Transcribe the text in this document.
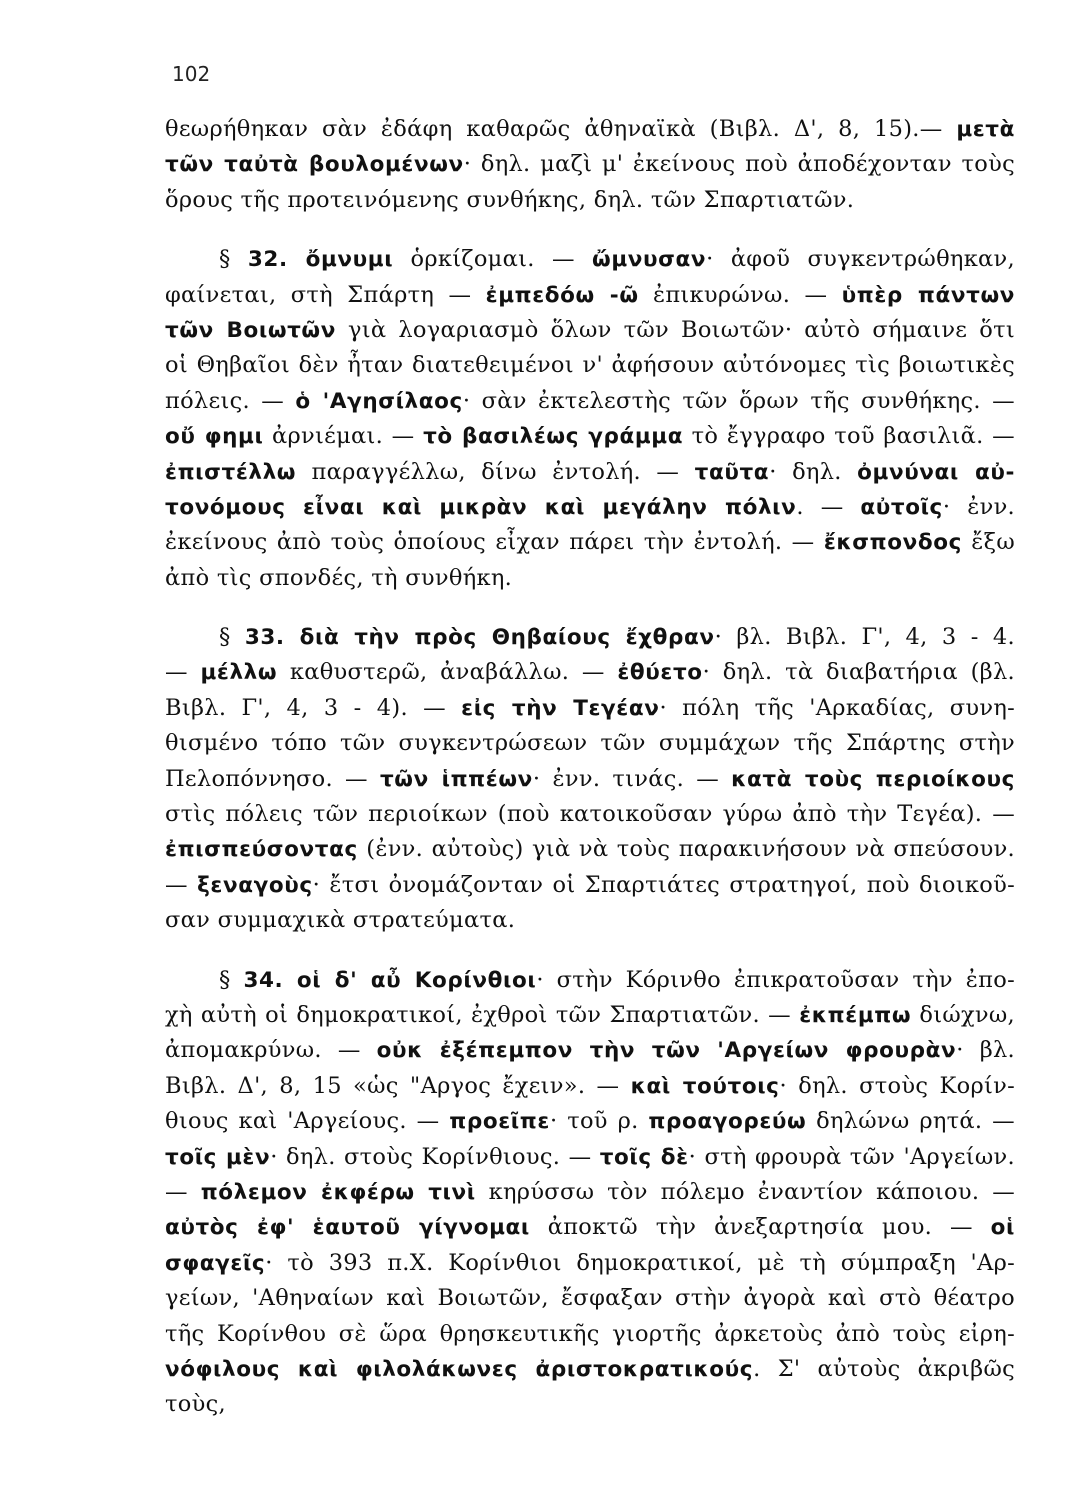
102
θεωρήθηκαν σὰν ἐδάφη καθαρῶς ἀθηναϊκὰ (Βιβλ. Δ', 8, 15).— μετὰ
τῶν ταὐτὰ βουλομένων· δηλ. μαζὶ μ' ἐκείνους ποὺ ἀποδέχονταν τοὺς
ὅρους τῆς προτεινόμενης συνθήκης, δηλ. τῶν Σπαρτιατῶν.
§ 32. ὄμνυμι ὁρκίζομαι. — ὤμνυσαν· ἀφοῦ συγκεντρώθηκαν,
φαίνεται, στὴ Σπάρτη — ἐμπεδόω -ῶ ἐπικυρώνω. — ὑπὲρ πάντων
τῶν Βοιωτῶν γιὰ λογαριασμὸ ὅλων τῶν Βοιωτῶν· αὐτὸ σήμαινε ὅτι
οἱ Θηβαῖοι δὲν ἦταν διατεθειμένοι ν' ἀφήσουν αὐτόνομες τὶς βοιωτικὲς
πόλεις. — ὁ 'Αγησίλαος· σὰν ἐκτελεστὴς τῶν ὅρων τῆς συνθήκης. —
οὔ φημι ἀρνιέμαι. — τὸ βασιλέως γράμμα τὸ ἔγγραφο τοῦ βασιλιᾶ. —
ἐπιστέλλω παραγγέλλω, δίνω ἐντολή. — ταῦτα· δηλ. ὀμνύναι αὐ-
τονόμους εἶναι καὶ μικρὰν καὶ μεγάλην πόλιν. — αὐτοῖς· ἐνν.
ἐκείνους ἀπὸ τοὺς ὁποίους εἶχαν πάρει τὴν ἐντολή. — ἔκσπονδος ἔξω
ἀπὸ τὶς σπονδές, τὴ συνθήκη.
§ 33. διὰ τὴν πρὸς Θηβαίους ἔχθραν· βλ. Βιβλ. Γ', 4, 3 - 4.
— μέλλω καθυστερῶ, ἀναβάλλω. — ἐθύετο· δηλ. τὰ διαβατήρια (βλ.
Βιβλ. Γ', 4, 3 - 4). — εἰς τὴν Τεγέαν· πόλη τῆς 'Αρκαδίας, συνη-
θισμένο τόπο τῶν συγκεντρώσεων τῶν συμμάχων τῆς Σπάρτης στὴν
Πελοπόννησο. — τῶν ἱππέων· ἐνν. τινάς. — κατὰ τοὺς περιοίκους
στὶς πόλεις τῶν περιοίκων (ποὺ κατοικοῦσαν γύρω ἀπὸ τὴν Τεγέα). —
ἐπισπεύσοντας (ἐνν. αὐτοὺς) γιὰ νὰ τοὺς παρακινήσουν νὰ σπεύσουν.
— ξεναγοὺς· ἔτσι ὀνομάζονταν οἱ Σπαρτιάτες στρατηγοί, ποὺ διοικοῦ-
σαν συμμαχικὰ στρατεύματα.
§ 34. οἱ δ' αὖ Κορίνθιοι· στὴν Κόρινθο ἐπικρατοῦσαν τὴν ἐπο-
χὴ αὐτὴ οἱ δημοκρατικοί, ἐχθροὶ τῶν Σπαρτιατῶν. — ἐκπέμπω διώχνω,
ἀπομακρύνω. — οὐκ ἐξέπεμπον τὴν τῶν 'Αργείων φρουρὰν· βλ.
Βιβλ. Δ', 8, 15 «ὡς "Αργος ἔχειν». — καὶ τούτοις· δηλ. στοὺς Κορίν-
θιους καὶ 'Αργείους. — προεῖπε· τοῦ ρ. προαγορεύω δηλώνω ρητά. —
τοῖς μὲν· δηλ. στοὺς Κορίνθιους. — τοῖς δὲ· στὴ φρουρὰ τῶν 'Αργείων.
— πόλεμον ἐκφέρω τινὶ κηρύσσω τὸν πόλεμο ἐναντίον κάποιου. —
αὐτὸς ἐφ' ἑαυτοῦ γίγνομαι ἀποκτῶ τὴν ἀνεξαρτησία μου. — οἱ
σφαγεῖς· τὸ 393 π.Χ. Κορίνθιοι δημοκρατικοί, μὲ τὴ σύμπραξη 'Αρ-
γείων, 'Αθηναίων καὶ Βοιωτῶν, ἔσφαξαν στὴν ἀγορὰ καὶ στὸ θέατρο
τῆς Κορίνθου σὲ ὥρα θρησκευτικῆς γιορτῆς ἀρκετοὺς ἀπὸ τοὺς εἰρη-
νόφιλους καὶ φιλολάκωνες ἀριστοκρατικούς. Σ' αὐτοὺς ἀκριβῶς τοὺς,
